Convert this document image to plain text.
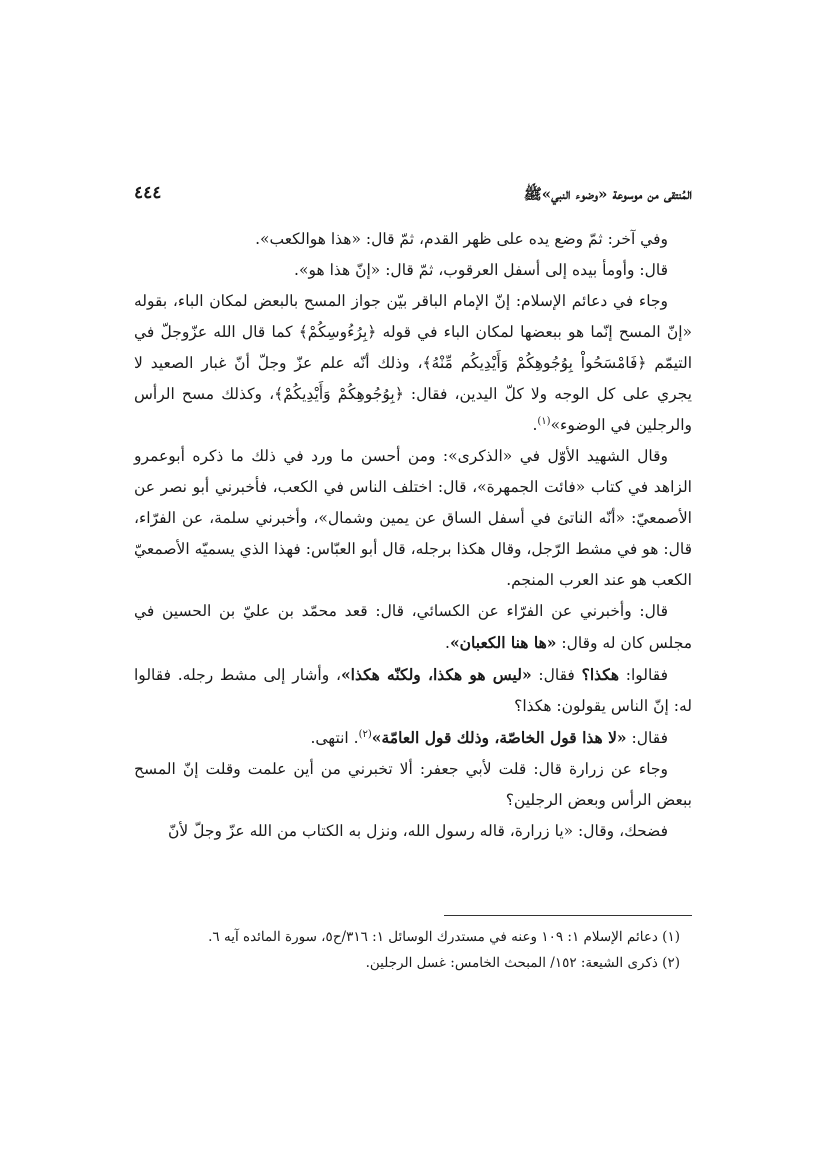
المُنتقى من موسوعة «وضوء النبي»ﷺ
٤٤٤

وفي آخر: ثمّ وضع يده على ظهر القدم، ثمّ قال: «هذا هوالكعب».

قال: وأومأ بيده إلى أسفل العرقوب، ثمّ قال: «إنّ هذا هو».

وجاء في دعائم الإسلام: إنّ الإمام الباقر بيّن جواز المسح بالبعض لمكان الباء، بقوله «إنّ المسح إنّما هو ببعضها لمكان الباء في قوله ﴿بِرُءُوسِكُمْ﴾ كما قال الله عزّوجلّ في التيمّم ﴿فَامْسَحُواْ بِوُجُوهِكُمْ وَأَيْدِيكُم مِّنْهُ﴾، وذلك أنّه علم عزّ وجلّ أنّ غبار الصعيد لا يجري على كل الوجه ولا كلّ اليدين، فقال: ﴿بِوُجُوهِكُمْ وَأَيْدِيكُمْ﴾، وكذلك مسح الرأس والرجلين في الوضوء»$^{(١)}$.

وقال الشهيد الأوّل في «الذكرى»: ومن أحسن ما ورد في ذلك ما ذكره أبوعمرو الزاهد في كتاب «فائت الجمهرة»، قال: اختلف الناس في الكعب، فأخبرني أبو نصر عن الأصمعيّ: «أنّه الناتئ في أسفل الساق عن يمين وشمال»، وأخبرني سلمة، عن الفرّاء، قال: هو في مشط الرّجل، وقال هكذا برجله، قال أبو العبّاس: فهذا الذي يسميّه الأصمعيّ الكعب هو عند العرب المنجم.

قال: وأخبرني عن الفرّاء عن الكسائي، قال: قعد محمّد بن عليّ بن الحسين في مجلس كان له وقال: «ها هنا الكعبان».

فقالوا: هكذا؟ فقال: «ليس هو هكذا، ولكنّه هكذا»، وأشار إلى مشط رجله. فقالوا له: إنّ الناس يقولون: هكذا؟

فقال: «لا هذا قول الخاصّة، وذلك قول العامّة»$^{(٢)}$. انتهى.

وجاء عن زرارة قال: قلت لأبي جعفر: ألا تخبرني من أين علمت وقلت إنّ المسح ببعض الرأس وبعض الرجلين؟

فضحك، وقال: «يا زرارة، قاله رسول الله، ونزل به الكتاب من الله عزّ وجلّ لأنّ

(١) دعائم الإسلام ١: ١٠٩ وعنه في مستدرك الوسائل ١: ٣١٦/ح٥، سورة المائده آيه ٦.
(٢) ذكرى الشيعة: ١٥٢/ المبحث الخامس: غسل الرجلين.
